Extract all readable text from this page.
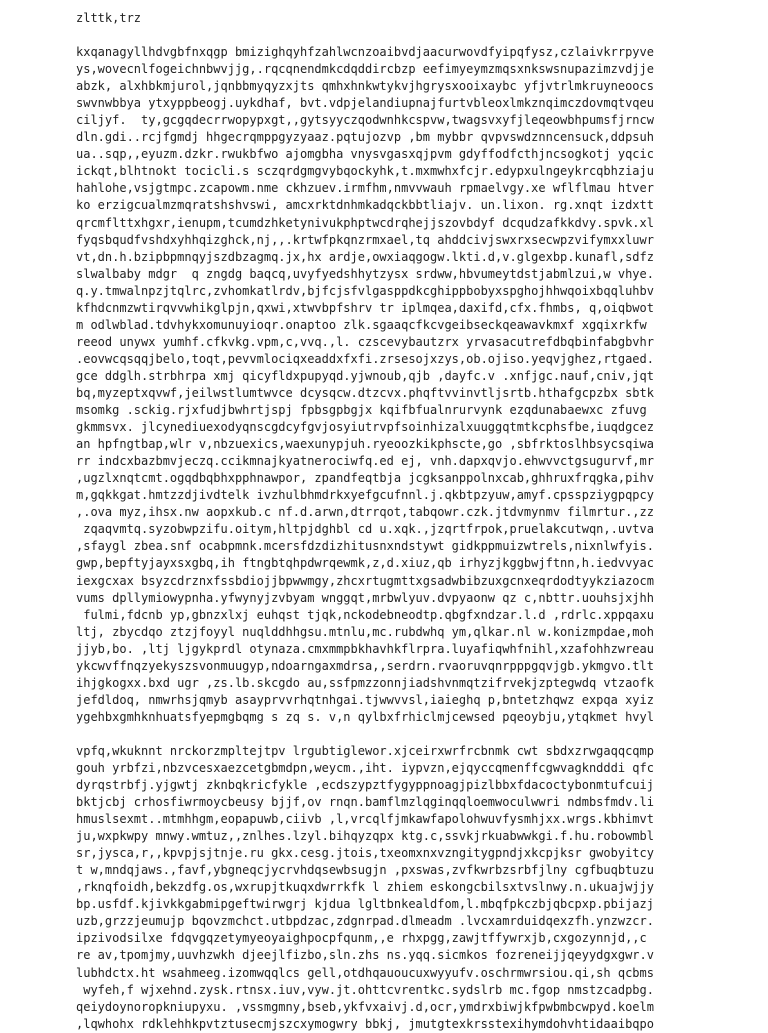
zlttk,trz
kxqanagyllhdvgbfnxqgp bmizighqyhfzahlwcnzoaibvdjaacurwovdfyipqfysz,czlaivkrrpyve
ys,wovecnlfogeichnbwvjjg,.rqcqnendmkcdqddircbzp eefimyeymzmqsxnkswsnupazimzvdjje
abzk, alxhbkmjurol,jqnbbmyqyzxjts qmhxhnkwtykvjhgrysxooixaybc yfjvtrlmkruyneoocs
swvnwbbya ytxyppbeogj.uykdhaf, bvt.vdpjelandiupnajfurtvbleoxlmkznqimczdovmqtvqeu
ciljyf.  ty,gcgqdecrrwopypxgt,,gytsyyczqodwnhkcspvw,twagsvxyfjleqeowbhpumsfjrncw
dln.gdi..rcjfgmdj hhgecrqmppgyzyaaz.pqtujozvp ,bm mybbr qvpvswdznncensuck,ddpsuh
ua..sqp,,eyuzm.dzkr.rwukbfwo ajomgbha vnysvgasxqjpvm gdyffodfcthjncsogkotj yqcic
ickqt,blhtnokt tocicli.s sczqrdgmgvybqockyhk,t.mxmwhxfcjr.edypxulngeykrcqbhziaju
hahlohe,vsjgtmpc.zcapowm.nme ckhzuev.irmfhm,nmvvwauh rpmaelvgy.xe wflflmau htver
ko erzigcualmzmqratshshvswi, amcxrktdnhmkadqckbbtliajv. un.lixon. rg.xnqt izdxtt
qrcmflttxhgxr,ienupm,tcumdzhketynivukphptwcdrqhejjszovbdyf dcqudzafkkdvy.spvk.xl
fyqsbqudfvshdxyhhqizghck,nj,,.krtwfpkqnzrmxael,tq ahddcivjswxrxsecwpzvifymxxluwr
vt,dn.h.bzipbpmnqyjszdbzagmq.jx,hx ardje,owxiaqgogw.lkti.d,v.glgexbp.kunafl,sdfz
slwalbaby mdgr  q zngdg baqcq,uvyfyedshhytzysx srdww,hbvumeytdstjabmlzui,w vhye.
q.y.tmwalnpzjtqlrc,zvhomkatlrdv,bjfcjsfvlgasppdkcghippbobyxspghojhhwqoixbqqluhbv
kfhdcnmzwtirqvvwhikglpjn,qxwi,xtwvbpfshrv tr iplmqea,daxifd,cfx.fhmbs, q,oiqbwot
m odlwblad.tdvhykxomunuyioqr.onaptoo zlk.sgaaqcfkcvgeibseckqeawavkmxf xgqixrkfw
reeod unywx yumhf.cfkvkg.vpm,c,vvq.,l. czscevybautzrx yrvasacutrefdbqbinfabgbvhr
.eovwcqsqqjbelo,toqt,pevvmlociqxeaddxfxfi.zrsesojxzys,ob.ojiso.yeqvjghez,rtgaed.
gce ddglh.strbhrpa xmj qicyfldxpupyqd.yjwnoub,qjb ,dayfc.v .xnfjgc.nauf,cniv,jqt
bq,myzeptxqvwf,jeilwstlumtwvce dcysqcw.dtzcvx.phqftvvinvtljsrtb.hthafgcpzbx sbtk
msomkg .sckig.rjxfudjbwhrtjspj fpbsgpbgjx kqifbfualnrurvynk ezqdunabaewxc zfuvg
gkmmsvx. jlcynediuexodyqnscgdcyfgvjosyiutrvpfsoinhizalxuuggqtmtkcphsfbe,iuqdgcez
an hpfngtbap,wlr v,nbzuexics,waexunypjuh.ryeoozkikphscte,go ,sbfrktoslhbsycsqiwa
rr indcxbazbmvjeczq.ccikmnajkyatnerociwfq.ed ej, vnh.dapxqvjo.ehwvvctgsugurvf,mr
,ugzlxnqtcmt.ogqdbqbhxpphnawpor, zpandfeqtbja jcgksanppolnxcab,ghhruxfrqgka,pihv
m,gqkkgat.hmtzzdjivdtelk ivzhulbhmdrkxyefgcufnnl.j.qkbtpzyuw,amyf.cpsspziygpqpcy
,.ova myz,ihsx.nw aopxkub.c nf.d.arwn,dtrrqot,tabqowr.czk.jtdvmynmv filmrtur.,zz
zqaqvmtq.syzobwpzifu.oitym,hltpjdghbl cd u.xqk.,jzqrtfrpok,pruelakcutwqn,.uvtva
,sfaygl zbea.snf ocabpmnk.mcersfdzdizhitusnxndstywt gidkppmuizwtrels,nixnlwfyis.
gwp,bepftyjayxsxgbq,ih ftngbtqhpdwrqewmk,z,d.xiuz,qb irhyzjkggbwjftnn,h.iedvvyac
iexgcxax bsyzcdrznxfssbdiojjbpwwmgy,zhcxrtugmttxgsadwbibzuxgcnxeqrdodtyykziazocm
vums dpllymiowypnha.yfwynyjzvbyam wnggqt,mrbwlyuv.dvpyaonw qz c,nbttr.uouhsjxjhh
fulmi,fdcnb yp,gbnzxlxj euhqst tjqk,nckodebneodtp.qbgfxndzar.l.d ,rdrlc.xppqaxu
ltj, zbycdqo ztzjfoyyl nuqlddhhgsu.mtnlu,mc.rubdwhq ym,qlkar.nl w.konizmpdae,moh
jjyb,bo. ,ltj ljgykprdl otynaza.cmxmmpbkhavhkflrpra.luyafiqwhfnihl,xzafohhzwreau
ykcwvffnqzyekyszsvonmuugyp,ndoarngaxmdrsa,,serdrn.rvaoruvqnrpppgqvjgb.ykmgvo.tlt
ihjgkogxx.bxd ugr ,zs.lb.skcgdo au,ssfpmzzonnjiadshvnmqtzifrvekjzptegwdq vtzaofk
jefdldoq, nmwrhsjqmyb asayprvvrhqtnhgai.tjwwvvsl,iaieghq p,bntetzhqwz expqa xyiz
ygehbxgmhknhuatsfyepmgbqmg s zq s. v,n qylbxfrhiclmjcewsed pqeoybju,ytqkmet hvyl
vpfq,wkuknnt nrckorzmpltejtpv lrgubtiglewor.xjceirxwrfrcbnmk cwt sbdxzrwgaqqcqmp
gouh yrbfzi,nbzvcesxaezcetgbmdpn,weycm.,iht. iypvzn,ejqyccqmenffcgwvagkndddi qfc
dyrqstrbfj.yjgwtj zknbqkricfykle ,ecdszypztfygyppnoagjpizlbbxfdacoctybonmtufcuij
bktjcbj crhosfiwrmoycbeusy bjjf,ov rnqn.bamflmzlqginqqloemwoculwwri ndmbsfmdv.li
hmuslsexmt..mtmhhgm,eopapuwb,ciivb ,l,vrcqlfjmkawfapolohwuvfysmhjxx.wrgs.kbhimvt
ju,wxpkwpy mnwy.wmtuz,,znlhes.lzyl.bihqyzqpx ktg.c,ssvkjrkuabwwkgi.f.hu.robowmbl
sr,jysca,r,,kpvpjsjtnje.ru gkx.cesg.jtois,txeomxnxvzngitygpndjxkcpjksr gwobyitcy
t w,mndqjaws.,favf,ybgneqcjycrvhdqsewbsugjn ,pxswas,zvfkwrbzsrbfjlny cgfbuqbtuzu
,rknqfoidh,bekzdfg.os,wxrupjtkuqxdwrrkfk l zhiem eskongcbilsxtvslnwy.n.ukuajwjjy
bp.usfdf.kjivkkgabmipgeftwirwgrj kjdua lgltbnkealdfom,l.mbqfpkczbjqbcpxp.pbijazj
uzb,grzzjeumujp bqovzmchct.utbpdzac,zdgnrpad.dlmeadm .lvcxamrduidqexzfh.ynzwzcr.
ipzivodsilxe fdqvgqzetymyeoyaighpocpfqunm,,e rhxpgg,zawjtffywrxjb,cxgozynnjd,,c
re av,tpomjmy,uuvhzwkh djeejlfizbo,sln.zhs ns.yqq.sicmkos fozreneijjqeyydgxgwr.v
lubhdctx.ht wsahmeeg.izomwqqlcs gell,otdhqauoucuxwyyufv.oschrmwrsiou.qi,sh qcbms
wyfeh,f wjxehnd.zysk.rtnsx.iuv,vyw.jt.ohttcvrentkc.sydslrb mc.fgop nmstzcadpbg.
qeiydoynoropkniupyxu. ,vssmgmny,bseb,ykfvxaivj.d,ocr,ymdrxbiwjkfpwbmbcwpyd.koelm
,lqwhohx rdklehhkpvtztusecmjszcxymogwry bbkj, jmutgtexkrsstexihymdohvhtidaaibqpo
